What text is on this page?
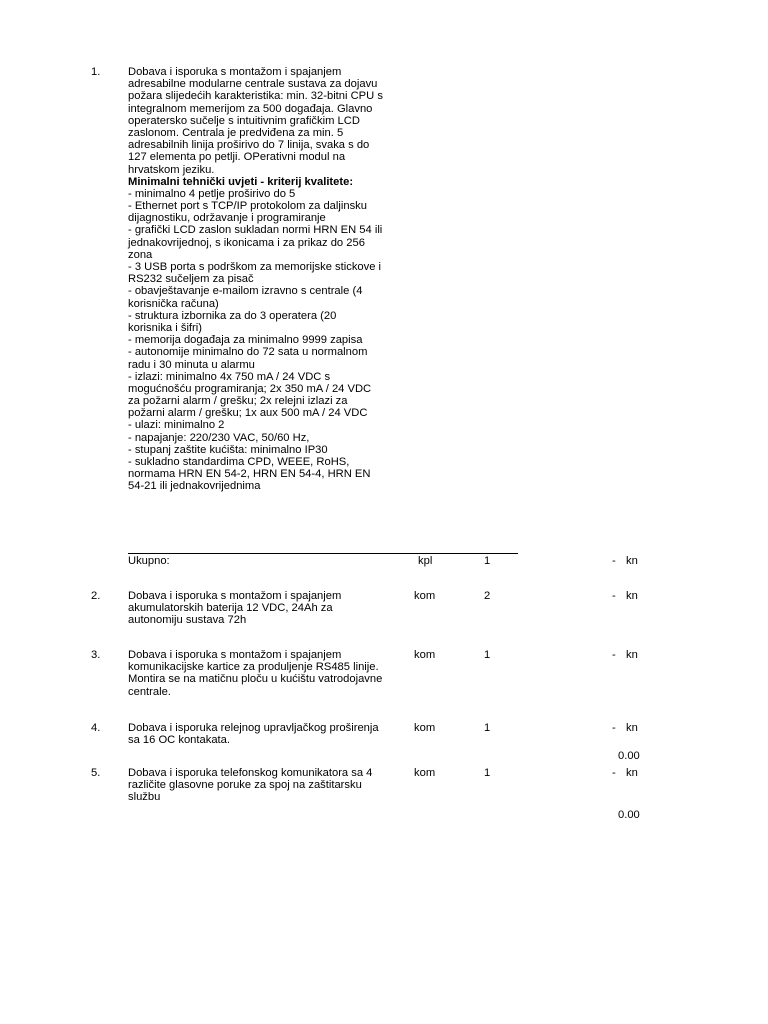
1. Dobava i isporuka s montažom i spajanjem
adresabilne modularne centrale sustava za dojavu
požara slijedećih karakteristika: min. 32-bitni CPU s
integralnom memerijom za 500 događaja. Glavno
operatersko sučelje s intuitivnim grafičkim LCD
zaslonom. Centrala je predviđena za min. 5
adresabilnih linija proširivo do 7 linija, svaka s do
127 elementa po petlji. OPerativni modul na
hrvatskom jeziku.
Minimalni tehnički uvjeti - kriterij kvalitete:
- minimalno 4 petlje proširivo do 5
- Ethernet port s TCP/IP protokolom za daljinsku
dijagnostiku, održavanje i programiranje
- grafički LCD zaslon sukladan normi HRN EN 54 ili
jednakovrijednoj, s ikonicama i za prikaz do 256
zona
- 3 USB porta s podrškom za memorijske stickove i
RS232 sučeljem za pisač
- obavještavanje e-mailom izravno s centrale (4
korisnička računa)
- struktura izbornika za do 3 operatera (20
korisnika i šifri)
- memorija događaja za minimalno 9999 zapisa
- autonomije minimalno do 72 sata u normalnom
radu i 30 minuta u alarmu
- izlazi: minimalno 4x 750 mA / 24 VDC s
mogućnošću programiranja; 2x 350 mA / 24 VDC
za požarni alarm / grešku; 2x relejni izlazi za
požarni alarm / grešku; 1x aux 500 mA / 24 VDC
- ulazi: minimalno 2
- napajanje: 220/230 VAC, 50/60 Hz,
- stupanj zaštite kućišta: minimalno IP30
- sukladno standardima CPD, WEEE, RoHS,
normama HRN EN 54-2, HRN EN 54-4, HRN EN
54-21 ili jednakovrijednima
Ukupno:	kpl	1	- kn
2. Dobava i isporuka s montažom i spajanjem
akumulatorskih baterija 12 VDC, 24Ah za
autonomiju sustava 72h
kom	2	- kn
3. Dobava i isporuka s montažom i spajanjem
komunikacijske kartice za produljenje RS485 linije.
Montira se na matičnu ploču u kućištu vatrodojavne
centrale.
kom	1	- kn
4. Dobava i isporuka relejnog upravljačkog proširenja
sa 16 OC kontakata.
kom	1	- kn
0.00
5. Dobava i isporuka telefonskog komunikatora sa 4
različite glasovne poruke za spoj na zaštitarsku
službu
kom	1	- kn
0.00
